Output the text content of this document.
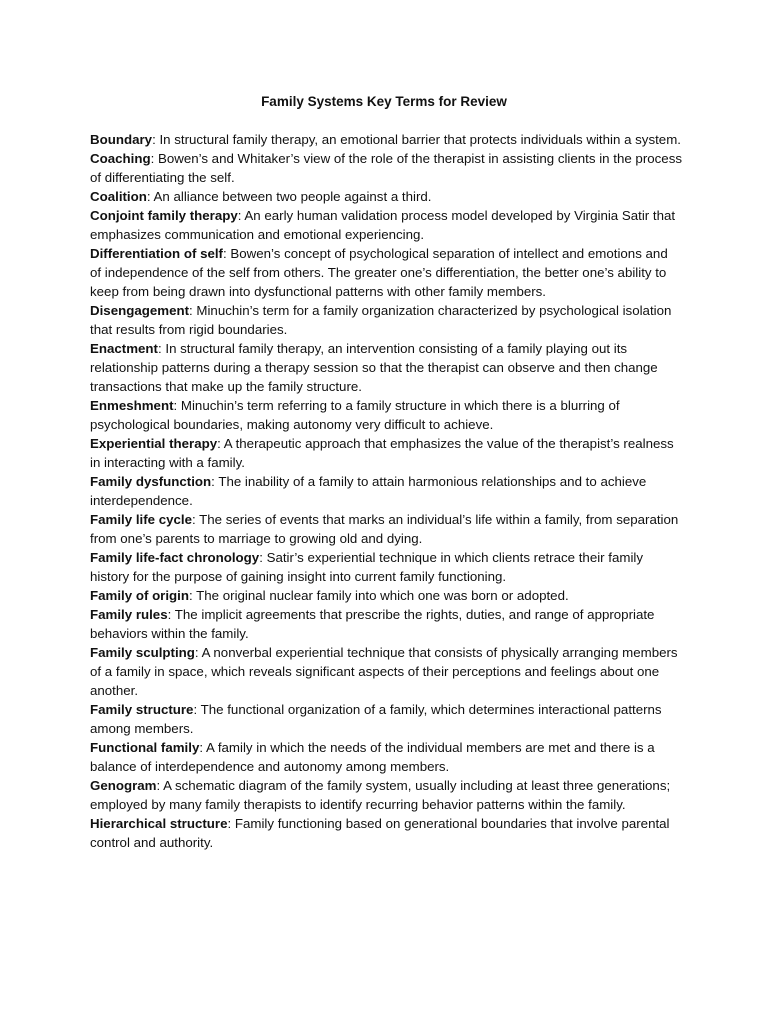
Family Systems Key Terms for Review

Boundary: In structural family therapy, an emotional barrier that protects individuals within a system.

Coaching: Bowen’s and Whitaker’s view of the role of the therapist in assisting clients in the process of differentiating the self.

Coalition: An alliance between two people against a third.

Conjoint family therapy: An early human validation process model developed by Virginia Satir that emphasizes communication and emotional experiencing.

Differentiation of self: Bowen’s concept of psychological separation of intellect and emotions and of independence of the self from others. The greater one’s differentiation, the better one’s ability to keep from being drawn into dysfunctional patterns with other family members.

Disengagement: Minuchin’s term for a family organization characterized by psychological isolation that results from rigid boundaries.

Enactment: In structural family therapy, an intervention consisting of a family playing out its relationship patterns during a therapy session so that the therapist can observe and then change transactions that make up the family structure.

Enmeshment: Minuchin’s term referring to a family structure in which there is a blurring of psychological boundaries, making autonomy very difficult to achieve.

Experiential therapy: A therapeutic approach that emphasizes the value of the therapist’s realness in interacting with a family.

Family dysfunction: The inability of a family to attain harmonious relationships and to achieve interdependence.

Family life cycle: The series of events that marks an individual’s life within a family, from separation from one’s parents to marriage to growing old and dying.

Family life-fact chronology: Satir’s experiential technique in which clients retrace their family history for the purpose of gaining insight into current family functioning.

Family of origin: The original nuclear family into which one was born or adopted.

Family rules: The implicit agreements that prescribe the rights, duties, and range of appropriate behaviors within the family.

Family sculpting: A nonverbal experiential technique that consists of physically arranging members of a family in space, which reveals significant aspects of their perceptions and feelings about one another.

Family structure: The functional organization of a family, which determines interactional patterns among members.

Functional family: A family in which the needs of the individual members are met and there is a balance of interdependence and autonomy among members.

Genogram: A schematic diagram of the family system, usually including at least three generations; employed by many family therapists to identify recurring behavior patterns within the family.

Hierarchical structure: Family functioning based on generational boundaries that involve parental control and authority.
